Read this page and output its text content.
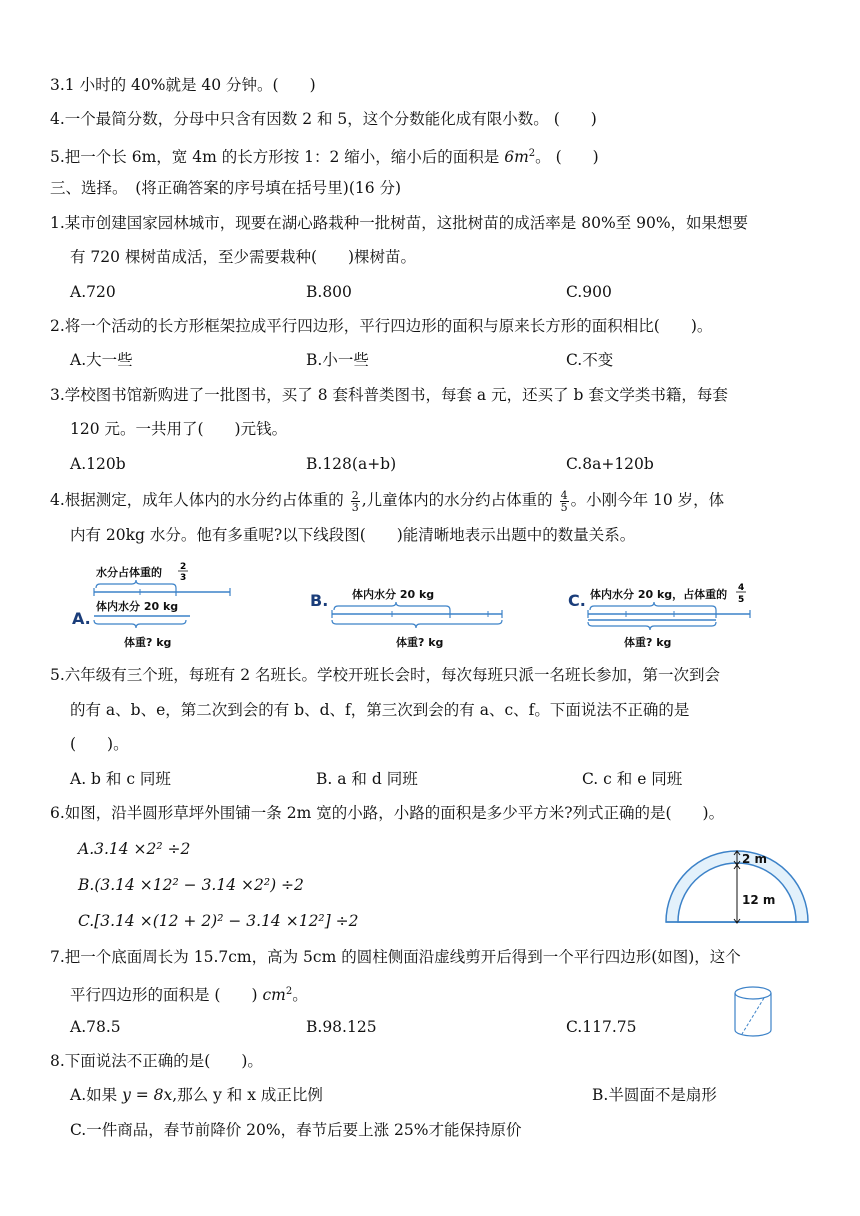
3.1 小时的 40%就是 40 分钟。(　　)
4.一个最简分数，分母中只含有因数 2 和 5，这个分数能化成有限小数。 (　　)
5.把一个长 6m，宽 4m 的长方形按 1：2 缩小，缩小后的面积是 $6m^2$。 (　　)
三、选择。　(将正确答案的序号填在括号里)(16 分)
1.某市创建国家园林城市，现要在湖心路栽种一批树苗，这批树苗的成活率是 80%至 90%，如果想要
有 720 棵树苗成活，至少需要栽种(　　)棵树苗。
A.720	B.800	C.900
2.将一个活动的长方形框架拉成平行四边形，平行四边形的面积与原来长方形的面积相比(　　)。
A.大一些	B.小一些	C.不变
3.学校图书馆新购进了一批图书，买了 8 套科普类图书，每套 a 元，还买了 b 套文学类书籍，每套
120 元。一共用了(　　)元钱。
A.120b	B.128(a+b)	C.8a+120b
4.根据测定，成年人体内的水分约占体重的 $\frac{2}{3}$ ,儿童体内的水分约占体重的 $\frac{4}{5}$ 。小刚今年 10 岁，体
内有 20kg 水分。他有多重呢?以下线段图(　　)能清晰地表示出题中的数量关系。
A.
水分占体重的 2
3
体内水分 20 kg
体重? kg
B. 体内水分 20 kg
体重? kg
C. 体内水分 20 kg，占体重的 4
5
体重? kg
5.六年级有三个班，每班有 2 名班长。学校开班长会时，每次每班只派一名班长参加，第一次到会
的有 a、b、e，第二次到会的有 b、d、f，第三次到会的有 a、c、f。下面说法不正确的是
(　　)。
A. b 和 c 同班	B. a 和 d 同班	C. c 和 e 同班
6.如图，沿半圆形草坪外围铺一条 2m 宽的小路，小路的面积是多少平方米?列式正确的是(　　)。
A.3.14 ×2² ÷2
B.(3.14 ×12² − 3.14 ×2²) ÷2
C.[3.14 ×(12 + 2)² − 3.14 ×12²] ÷2
2 m
12 m
7.把一个底面周长为 15.7cm，高为 5cm 的圆柱侧面沿虚线剪开后得到一个平行四边形(如图)，这个
平行四边形的面积是 (　　) $cm^2$。
A.78.5	B.98.125	C.117.75
8.下面说法不正确的是(　　)。
A.如果 y = 8x,那么 y 和 x 成正比例	B.半圆面不是扇形
C.一件商品，春节前降价 20%，春节后要上涨 25%才能保持原价
